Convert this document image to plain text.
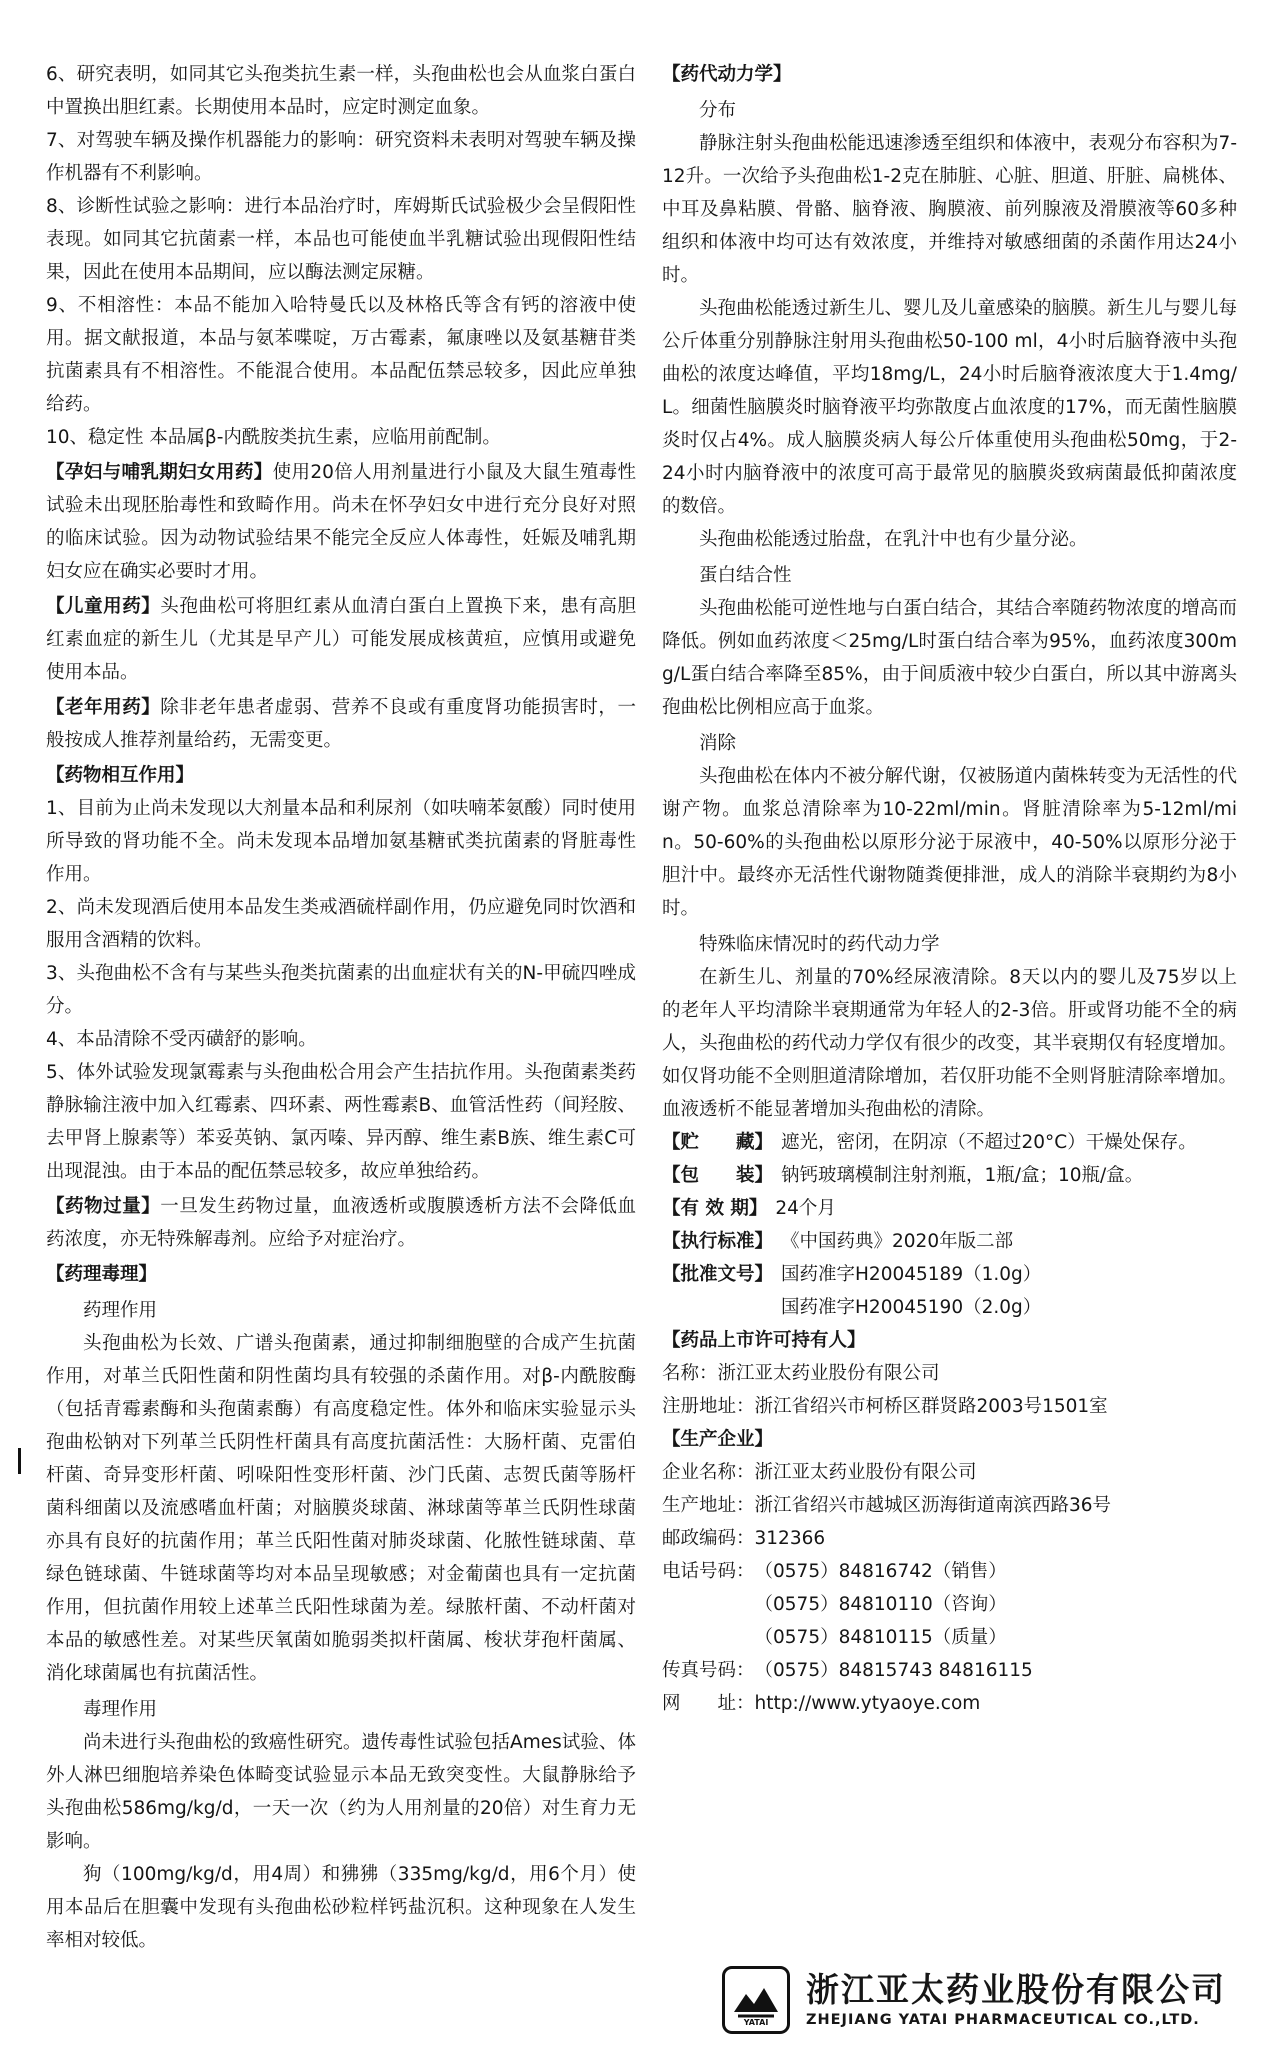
6、研究表明，如同其它头孢类抗生素一样，头孢曲松也会从血浆白蛋白中置换出胆红素。长期使用本品时，应定时测定血象。

7、对驾驶车辆及操作机器能力的影响：研究资料未表明对驾驶车辆及操作机器有不利影响。

8、诊断性试验之影响：进行本品治疗时，库姆斯氏试验极少会呈假阳性表现。如同其它抗菌素一样，本品也可能使血半乳糖试验出现假阳性结果，因此在使用本品期间，应以酶法测定尿糖。

9、不相溶性：本品不能加入哈特曼氏以及林格氏等含有钙的溶液中使用。据文献报道，本品与氨苯喋啶，万古霉素，氟康唑以及氨基糖苷类抗菌素具有不相溶性。不能混合使用。本品配伍禁忌较多，因此应单独给药。

10、稳定性 本品属β-内酰胺类抗生素，应临用前配制。

【孕妇与哺乳期妇女用药】使用20倍人用剂量进行小鼠及大鼠生殖毒性试验未出现胚胎毒性和致畸作用。尚未在怀孕妇女中进行充分良好对照的临床试验。因为动物试验结果不能完全反应人体毒性，妊娠及哺乳期妇女应在确实必要时才用。

【儿童用药】头孢曲松可将胆红素从血清白蛋白上置换下来，患有高胆红素血症的新生儿（尤其是早产儿）可能发展成核黄疸，应慎用或避免使用本品。

【老年用药】除非老年患者虚弱、营养不良或有重度肾功能损害时，一般按成人推荐剂量给药，无需变更。

【药物相互作用】

1、目前为止尚未发现以大剂量本品和利尿剂（如呋喃苯氨酸）同时使用所导致的肾功能不全。尚未发现本品增加氨基糖甙类抗菌素的肾脏毒性作用。

2、尚未发现酒后使用本品发生类戒酒硫样副作用，仍应避免同时饮酒和服用含酒精的饮料。

3、头孢曲松不含有与某些头孢类抗菌素的出血症状有关的N-甲硫四唑成分。

4、本品清除不受丙磺舒的影响。

5、体外试验发现氯霉素与头孢曲松合用会产生拮抗作用。头孢菌素类药静脉输注液中加入红霉素、四环素、两性霉素B、血管活性药（间羟胺、去甲肾上腺素等）苯妥英钠、氯丙嗪、异丙醇、维生素B族、维生素C可出现混浊。由于本品的配伍禁忌较多，故应单独给药。

【药物过量】一旦发生药物过量，血液透析或腹膜透析方法不会降低血药浓度，亦无特殊解毒剂。应给予对症治疗。

【药理毒理】

药理作用

头孢曲松为长效、广谱头孢菌素，通过抑制细胞壁的合成产生抗菌作用，对革兰氏阳性菌和阴性菌均具有较强的杀菌作用。对β-内酰胺酶（包括青霉素酶和头孢菌素酶）有高度稳定性。体外和临床实验显示头孢曲松钠对下列革兰氏阴性杆菌具有高度抗菌活性：大肠杆菌、克雷伯杆菌、奇异变形杆菌、吲哚阳性变形杆菌、沙门氏菌、志贺氏菌等肠杆菌科细菌以及流感嗜血杆菌；对脑膜炎球菌、淋球菌等革兰氏阴性球菌亦具有良好的抗菌作用；革兰氏阳性菌对肺炎球菌、化脓性链球菌、草绿色链球菌、牛链球菌等均对本品呈现敏感；对金葡菌也具有一定抗菌作用，但抗菌作用较上述革兰氏阳性球菌为差。绿脓杆菌、不动杆菌对本品的敏感性差。对某些厌氧菌如脆弱类拟杆菌属、梭状芽孢杆菌属、消化球菌属也有抗菌活性。

毒理作用

尚未进行头孢曲松的致癌性研究。遗传毒性试验包括Ames试验、体外人淋巴细胞培养染色体畸变试验显示本品无致突变性。大鼠静脉给予头孢曲松586mg/kg/d，一天一次（约为人用剂量的20倍）对生育力无影响。

狗（100mg/kg/d，用4周）和狒狒（335mg/kg/d，用6个月）使用本品后在胆囊中发现有头孢曲松砂粒样钙盐沉积。这种现象在人发生率相对较低。

【药代动力学】

分布

静脉注射头孢曲松能迅速渗透至组织和体液中，表观分布容积为7-12升。一次给予头孢曲松1-2克在肺脏、心脏、胆道、肝脏、扁桃体、中耳及鼻粘膜、骨骼、脑脊液、胸膜液、前列腺液及滑膜液等60多种组织和体液中均可达有效浓度，并维持对敏感细菌的杀菌作用达24小时。

头孢曲松能透过新生儿、婴儿及儿童感染的脑膜。新生儿与婴儿每公斤体重分别静脉注射用头孢曲松50-100 ml，4小时后脑脊液中头孢曲松的浓度达峰值，平均18mg/L，24小时后脑脊液浓度大于1.4mg/L。细菌性脑膜炎时脑脊液平均弥散度占血浓度的17%，而无菌性脑膜炎时仅占4%。成人脑膜炎病人每公斤体重使用头孢曲松50mg，于2-24小时内脑脊液中的浓度可高于最常见的脑膜炎致病菌最低抑菌浓度的数倍。

头孢曲松能透过胎盘，在乳汁中也有少量分泌。

蛋白结合性

头孢曲松能可逆性地与白蛋白结合，其结合率随药物浓度的增高而降低。例如血药浓度＜25mg/L时蛋白结合率为95%，血药浓度300mg/L蛋白结合率降至85%，由于间质液中较少白蛋白，所以其中游离头孢曲松比例相应高于血浆。

消除

头孢曲松在体内不被分解代谢，仅被肠道内菌株转变为无活性的代谢产物。血浆总清除率为10-22ml/min。肾脏清除率为5-12ml/min。50-60%的头孢曲松以原形分泌于尿液中，40-50%以原形分泌于胆汁中。最终亦无活性代谢物随粪便排泄，成人的消除半衰期约为8小时。

特殊临床情况时的药代动力学

在新生儿、剂量的70%经尿液清除。8天以内的婴儿及75岁以上的老年人平均清除半衰期通常为年轻人的2-3倍。肝或肾功能不全的病人，头孢曲松的药代动力学仅有很少的改变，其半衰期仅有轻度增加。如仅肾功能不全则胆道清除增加，若仅肝功能不全则肾脏清除率增加。血液透析不能显著增加头孢曲松的清除。

【贮　　藏】 遮光，密闭，在阴凉（不超过20°C）干燥处保存。
【包　　装】 钠钙玻璃模制注射剂瓶，1瓶/盒；10瓶/盒。
【有 效 期】 24个月
【执行标准】 《中国药典》2020年版二部
【批准文号】 国药准字H20045189（1.0g）
国药准字H20045190（2.0g）

【药品上市许可持有人】

名称： 浙江亚太药业股份有限公司
注册地址： 浙江省绍兴市柯桥区群贤路2003号1501室

【生产企业】

企业名称： 浙江亚太药业股份有限公司
生产地址： 浙江省绍兴市越城区沥海街道南滨西路36号
邮政编码： 312366
电话号码： （0575）84816742（销售）
（0575）84810110（咨询）
（0575）84810115（质量）
传真号码： （0575）84815743 84816115
网　　址： http://www.ytyaoye.com
YATAI
浙江亚太药业股份有限公司
ZHEJIANG YATAI PHARMACEUTICAL CO.,LTD.
